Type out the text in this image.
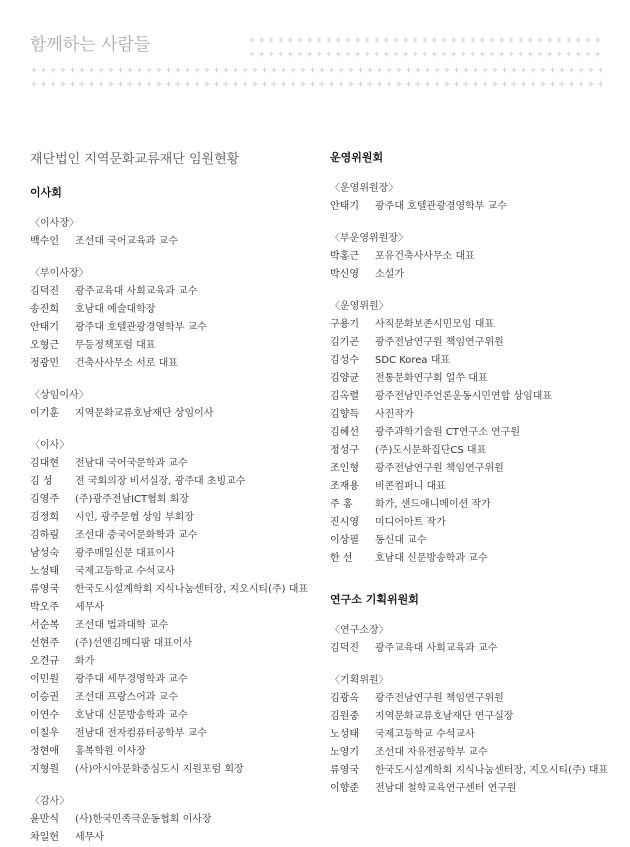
함께하는 사람들
재단법인 지역문화교류재단 임원현황
이사회
〈이사장〉
백수인	조선대 국어교육과 교수
〈부이사장〉
김덕진	광주교육대 사회교육과 교수
송진희	호남대 예술대학장
안태기	광주대 호텔관광경영학부 교수
오형근	무등정책포럼 대표
정광민	건축사사무소 서로 대표
〈상임이사〉
이기훈	지역문화교류호남재단 상임이사
〈이사〉
김대현	전남대 국어국문학과 교수
김 성	전 국회의장 비서실장, 광주대 초빙교수
김영주	(주)광주전남ICT협회 회장
김정희	시인, 광주문협 상임 부회장
김하림	조선대 중국어문화학과 교수
남성숙	광주매일신문 대표이사
노성태	국제고등학교 수석교사
류영국	한국도시설계학회 지식나눔센터장, 지오시티(주) 대표
박오주	세무사
서순복	조선대 법과대학 교수
선현주	(주)선앤김메디팜 대표이사
오견규	화가
이민원	광주대 세무경영학과 교수
이승권	조선대 프랑스어과 교수
이연수	호남대 신문방송학과 교수
이칠우	전남대 전자컴퓨터공학부 교수
정현애	홍복학원 이사장
지형원	(사)아시아문화중심도시 지원포럼 회장
〈감사〉
윤만식	(사)한국민족극운동협회 이사장
차일헌	세무사
운영위원회
〈운영위원장〉
안태기	광주대 호텔관광경영학부 교수
〈부운영위원장〉
박홍근	포유건축사사무소 대표
박신영	소설가
〈운영위원〉
구용기	사직문화보존시민모임 대표
김기곤	광주전남연구원 책임연구위원
김성수	SDC Korea 대표
김양균	전통문화연구회 얼쑤 대표
김옥렬	광주전남민주언론운동시민연합 상임대표
김향득	사진작가
김혜선	광주과학기술원 CT연구소 연구원
정성구	(주)도시문화집단CS 대표
조인형	광주전남연구원 책임연구위원
조재용	비콘컴퍼니 대표
주 홍	화가, 샌드애니메이션 작가
진시영	미디어아트 작가
이상필	동신대 교수
한 선	호남대 신문방송학과 교수
연구소 기획위원회
〈연구소장〉
김덕진	광주교육대 사회교육과 교수
〈기획위원〉
김광옥	광주전남연구원 책임연구위원
김원중	지역문화교류호남재단 연구실장
노성태	국제고등학교 수석교사
노영기	조선대 자유전공학부 교수
류영국	한국도시설계학회 지식나눔센터장, 지오시티(주) 대표
이향준	전남대 철학교육연구센터 연구원
